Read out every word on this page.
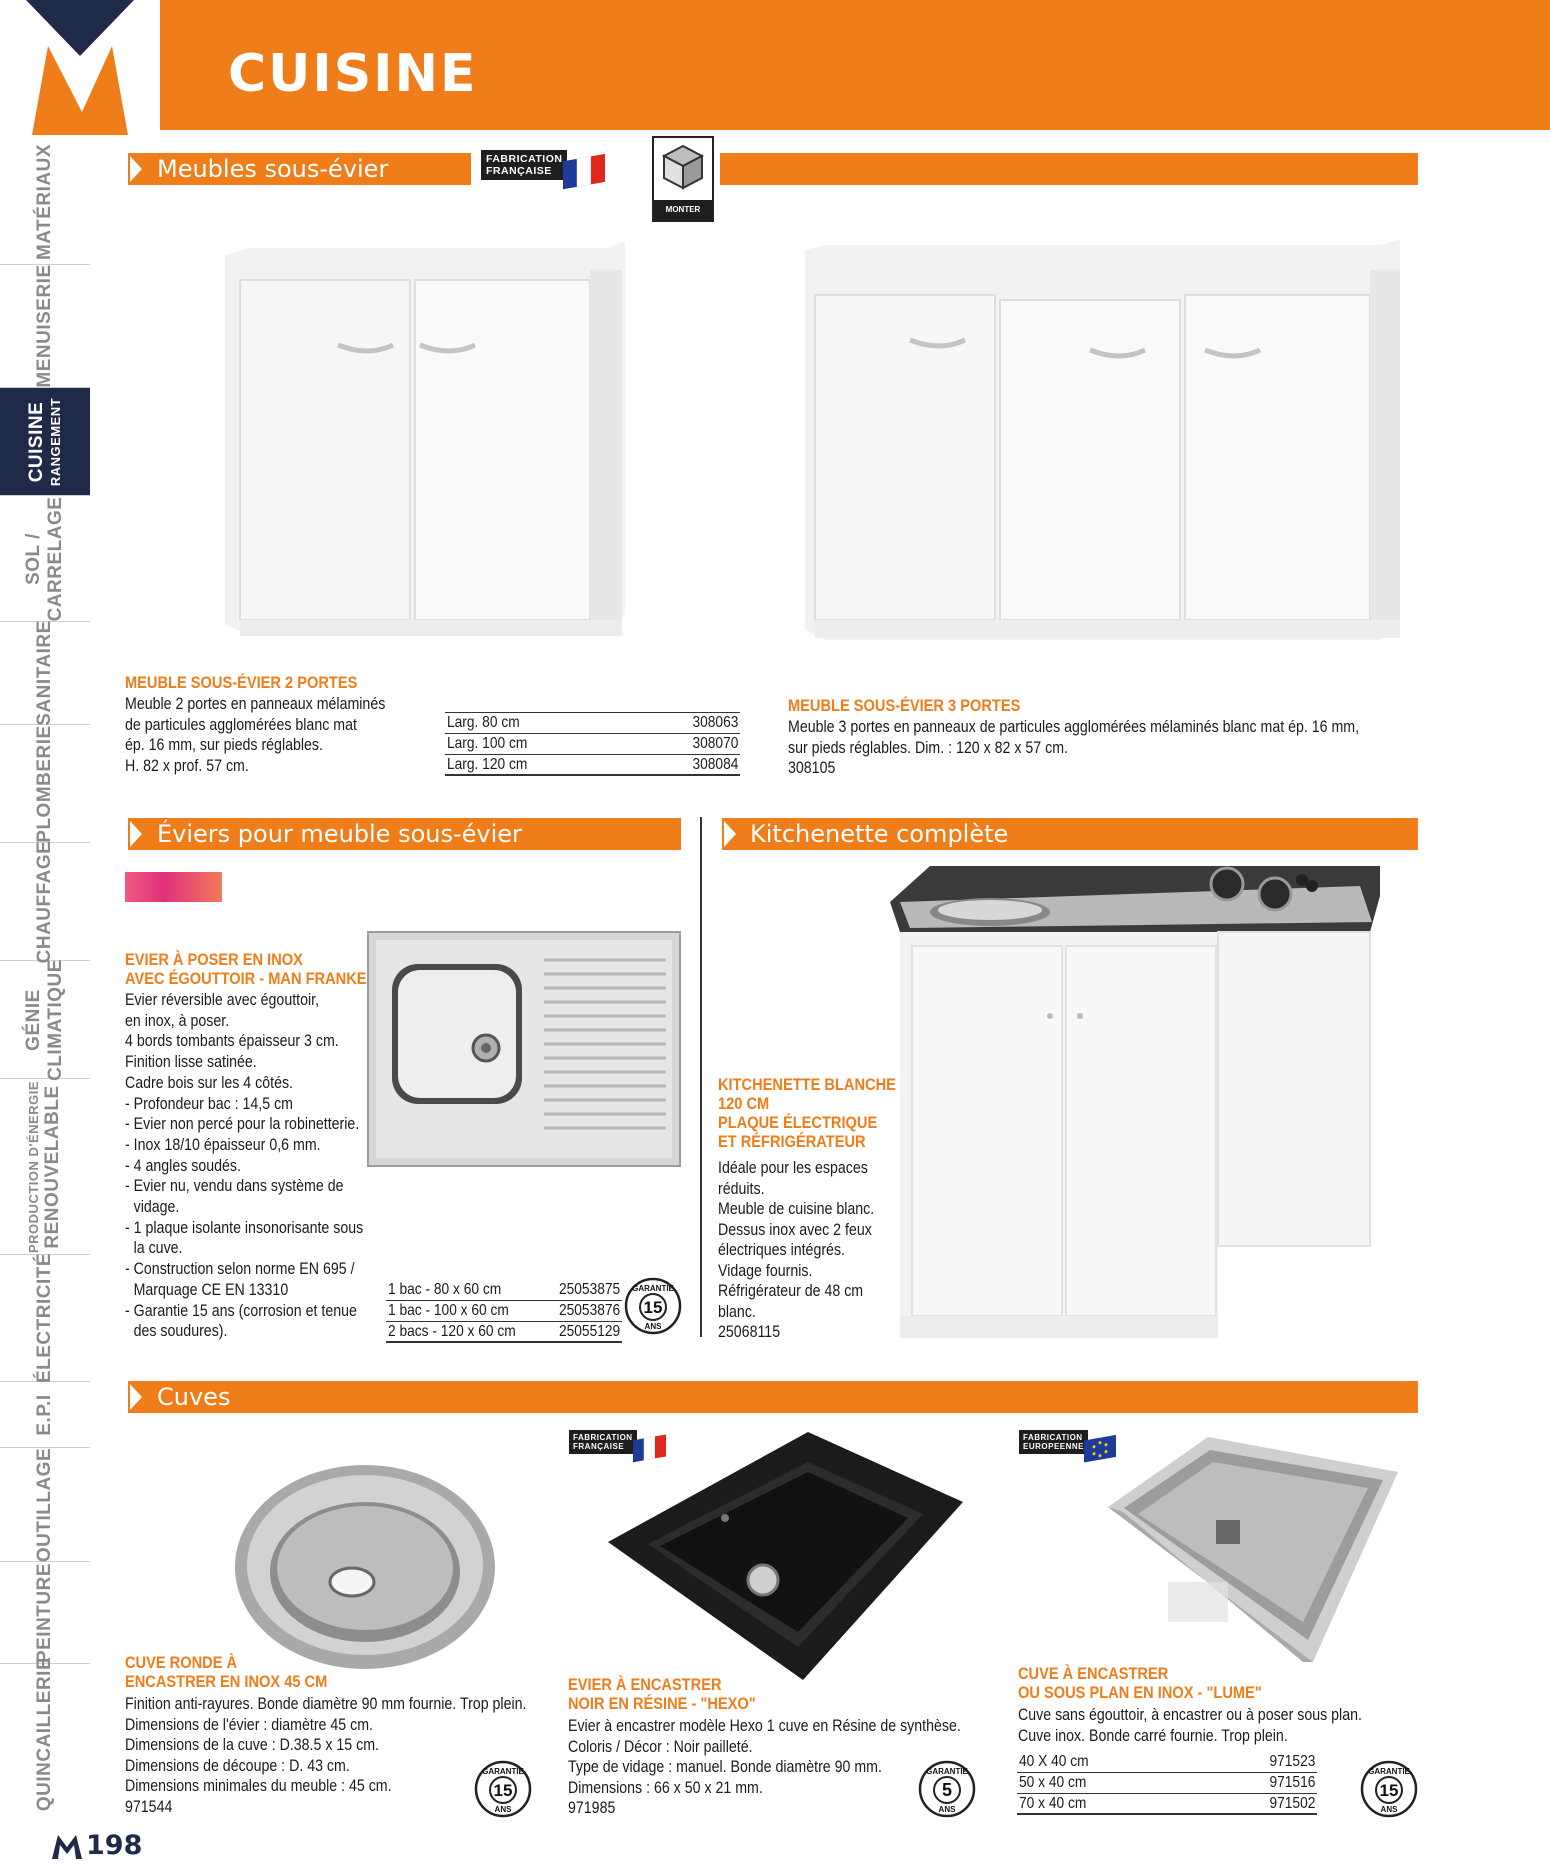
II
CUISINE
MATÉRIAUX
MENUISERIE
CUISINE RANGEMENT
SOL / CARRELAGE
SANITAIRE
PLOMBERIE
CHAUFFAGE
GÉNIE CLIMATIQUE
PRODUCTION D'ÉNERGIE RENOUVELABLE
ÉLECTRICITÉ
E.P.I
OUTILLAGE
PEINTURE
QUINCAILLERIE
Meubles sous-évier	FABRICATION
FRANÇAISE
MONTER
MEUBLE SOUS-ÉVIER 2 PORTES
Meuble 2 portes en panneaux mélaminés
de particules agglomérées blanc mat
ép. 16 mm, sur pieds réglables.
H. 82 x prof. 57 cm.
Larg. 80 cm	308063
Larg. 100 cm	308070
Larg. 120 cm	308084
MEUBLE SOUS-ÉVIER 3 PORTES
Meuble 3 portes en panneaux de particules agglomérées mélaminés blanc mat ép. 16 mm,
sur pieds réglables. Dim. : 120 x 82 x 57 cm.
308105
Éviers pour meuble sous-évier	Kitchenette complète
EVIER À POSER EN INOX
AVEC ÉGOUTTOIR - MAN FRANKE
Evier réversible avec égouttoir,
en inox, à poser.
4 bords tombants épaisseur 3 cm.
Finition lisse satinée.
Cadre bois sur les 4 côtés.
- Profondeur bac : 14,5 cm
- Evier non percé pour la robinetterie.
- Inox 18/10 épaisseur 0,6 mm.
- 4 angles soudés.
- Evier nu, vendu dans système de
vidage.
- 1 plaque isolante insonorisante sous
la cuve.
- Construction selon norme EN 695 /
Marquage CE EN 13310
- Garantie 15 ans (corrosion et tenue
des soudures).
1 bac - 80 x 60 cm	25053875
1 bac - 100 x 60 cm	25053876
2 bacs - 120 x 60 cm	25055129
15
GARANTIE
ANS
KITCHENETTE BLANCHE
120 CM
PLAQUE ÉLECTRIQUE
ET RÉFRIGÉRATEUR
Idéale pour les espaces
réduits.
Meuble de cuisine blanc.
Dessus inox avec 2 feux
électriques intégrés.
Vidage fournis.
Réfrigérateur de 48 cm
blanc.
25068115
Cuves
FABRICATION
FRANÇAISE
FABRICATION
EUROPEENNE
CUVE RONDE À
ENCASTRER EN INOX 45 CM
Finition anti-rayures. Bonde diamètre 90 mm fournie. Trop plein.
Dimensions de l'évier : diamètre 45 cm.
Dimensions de la cuve : D.38.5 x 15 cm.
Dimensions de découpe : D. 43 cm.
Dimensions minimales du meuble : 45 cm.
971544
15
GARANTIE
ANS
EVIER À ENCASTRER
NOIR EN RÉSINE - "HEXO"
Evier à encastrer modèle Hexo 1 cuve en Résine de synthèse.
Coloris / Décor : Noir pailleté.
Type de vidage : manuel. Bonde diamètre 90 mm.
Dimensions : 66 x 50 x 21 mm.
971985
5
GARANTIE
ANS
CUVE À ENCASTRER
OU SOUS PLAN EN INOX - "LUME"
Cuve sans égouttoir, à encastrer ou à poser sous plan.
Cuve inox. Bonde carré fournie. Trop plein.
40 X 40 cm	971523
50 x 40 cm	971516
70 x 40 cm	971502
15
GARANTIE
ANS
198
